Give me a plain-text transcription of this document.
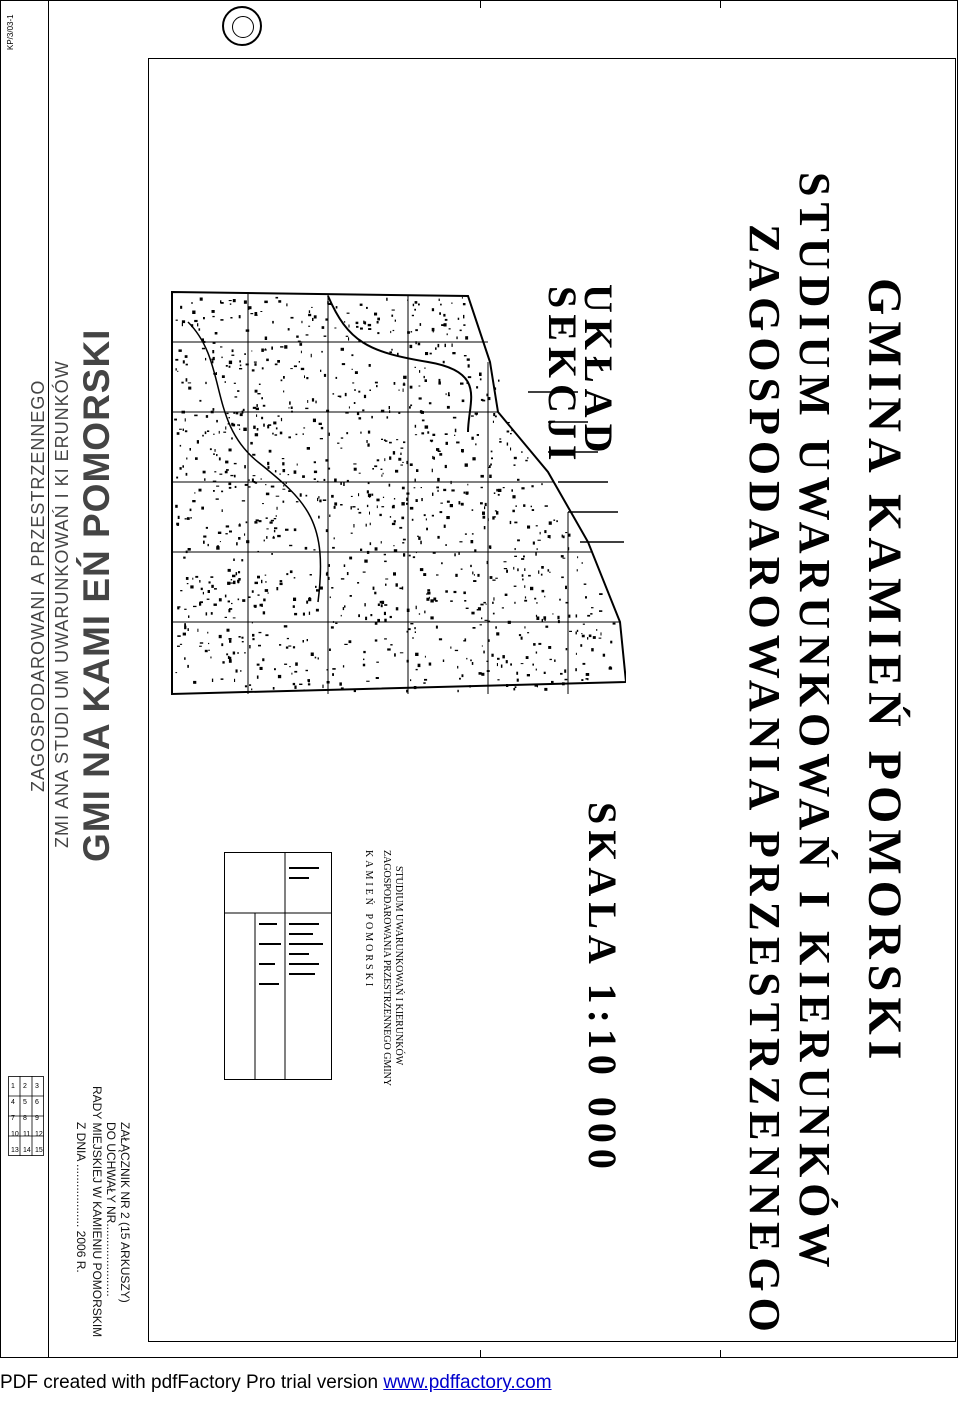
KP/3/03-1
GMINA KAMIEŃ POMORSKI
STUDIUM UWARUNKOWAŃ I KIERUNKÓW
ZAGOSPODAROWANIA PRZESTRZENNEGO
UKŁAD
SEKCJI
SKALA 1:10 000
GMI NA KAMI EŃ POMORSKI
ZMI ANA STUDI UM UWARUNKOWAŃ I KI ERUNKÓW
ZAGOSPODAROWANI A PRZESTRZENNEGO
ZAŁĄCZNIK NR 2 (15 ARKUSZY)
DO UCHWAŁY NR......................
RADY MIEJSKIEJ W KAMIENIU POMORSKIM
Z DNIA ................... 2006 R.
STUDIUM UWARUNKOWAŃ I KIERUNKÓW
ZAGOSPODAROWANIA PRZESTRZENNEGO GMINY
KAMIEŃ POMORSKI
1 2 3
4 5 6
7 8 9
10 11 12
13 14 15
PDF created with pdfFactory Pro trial version www.pdffactory.com
